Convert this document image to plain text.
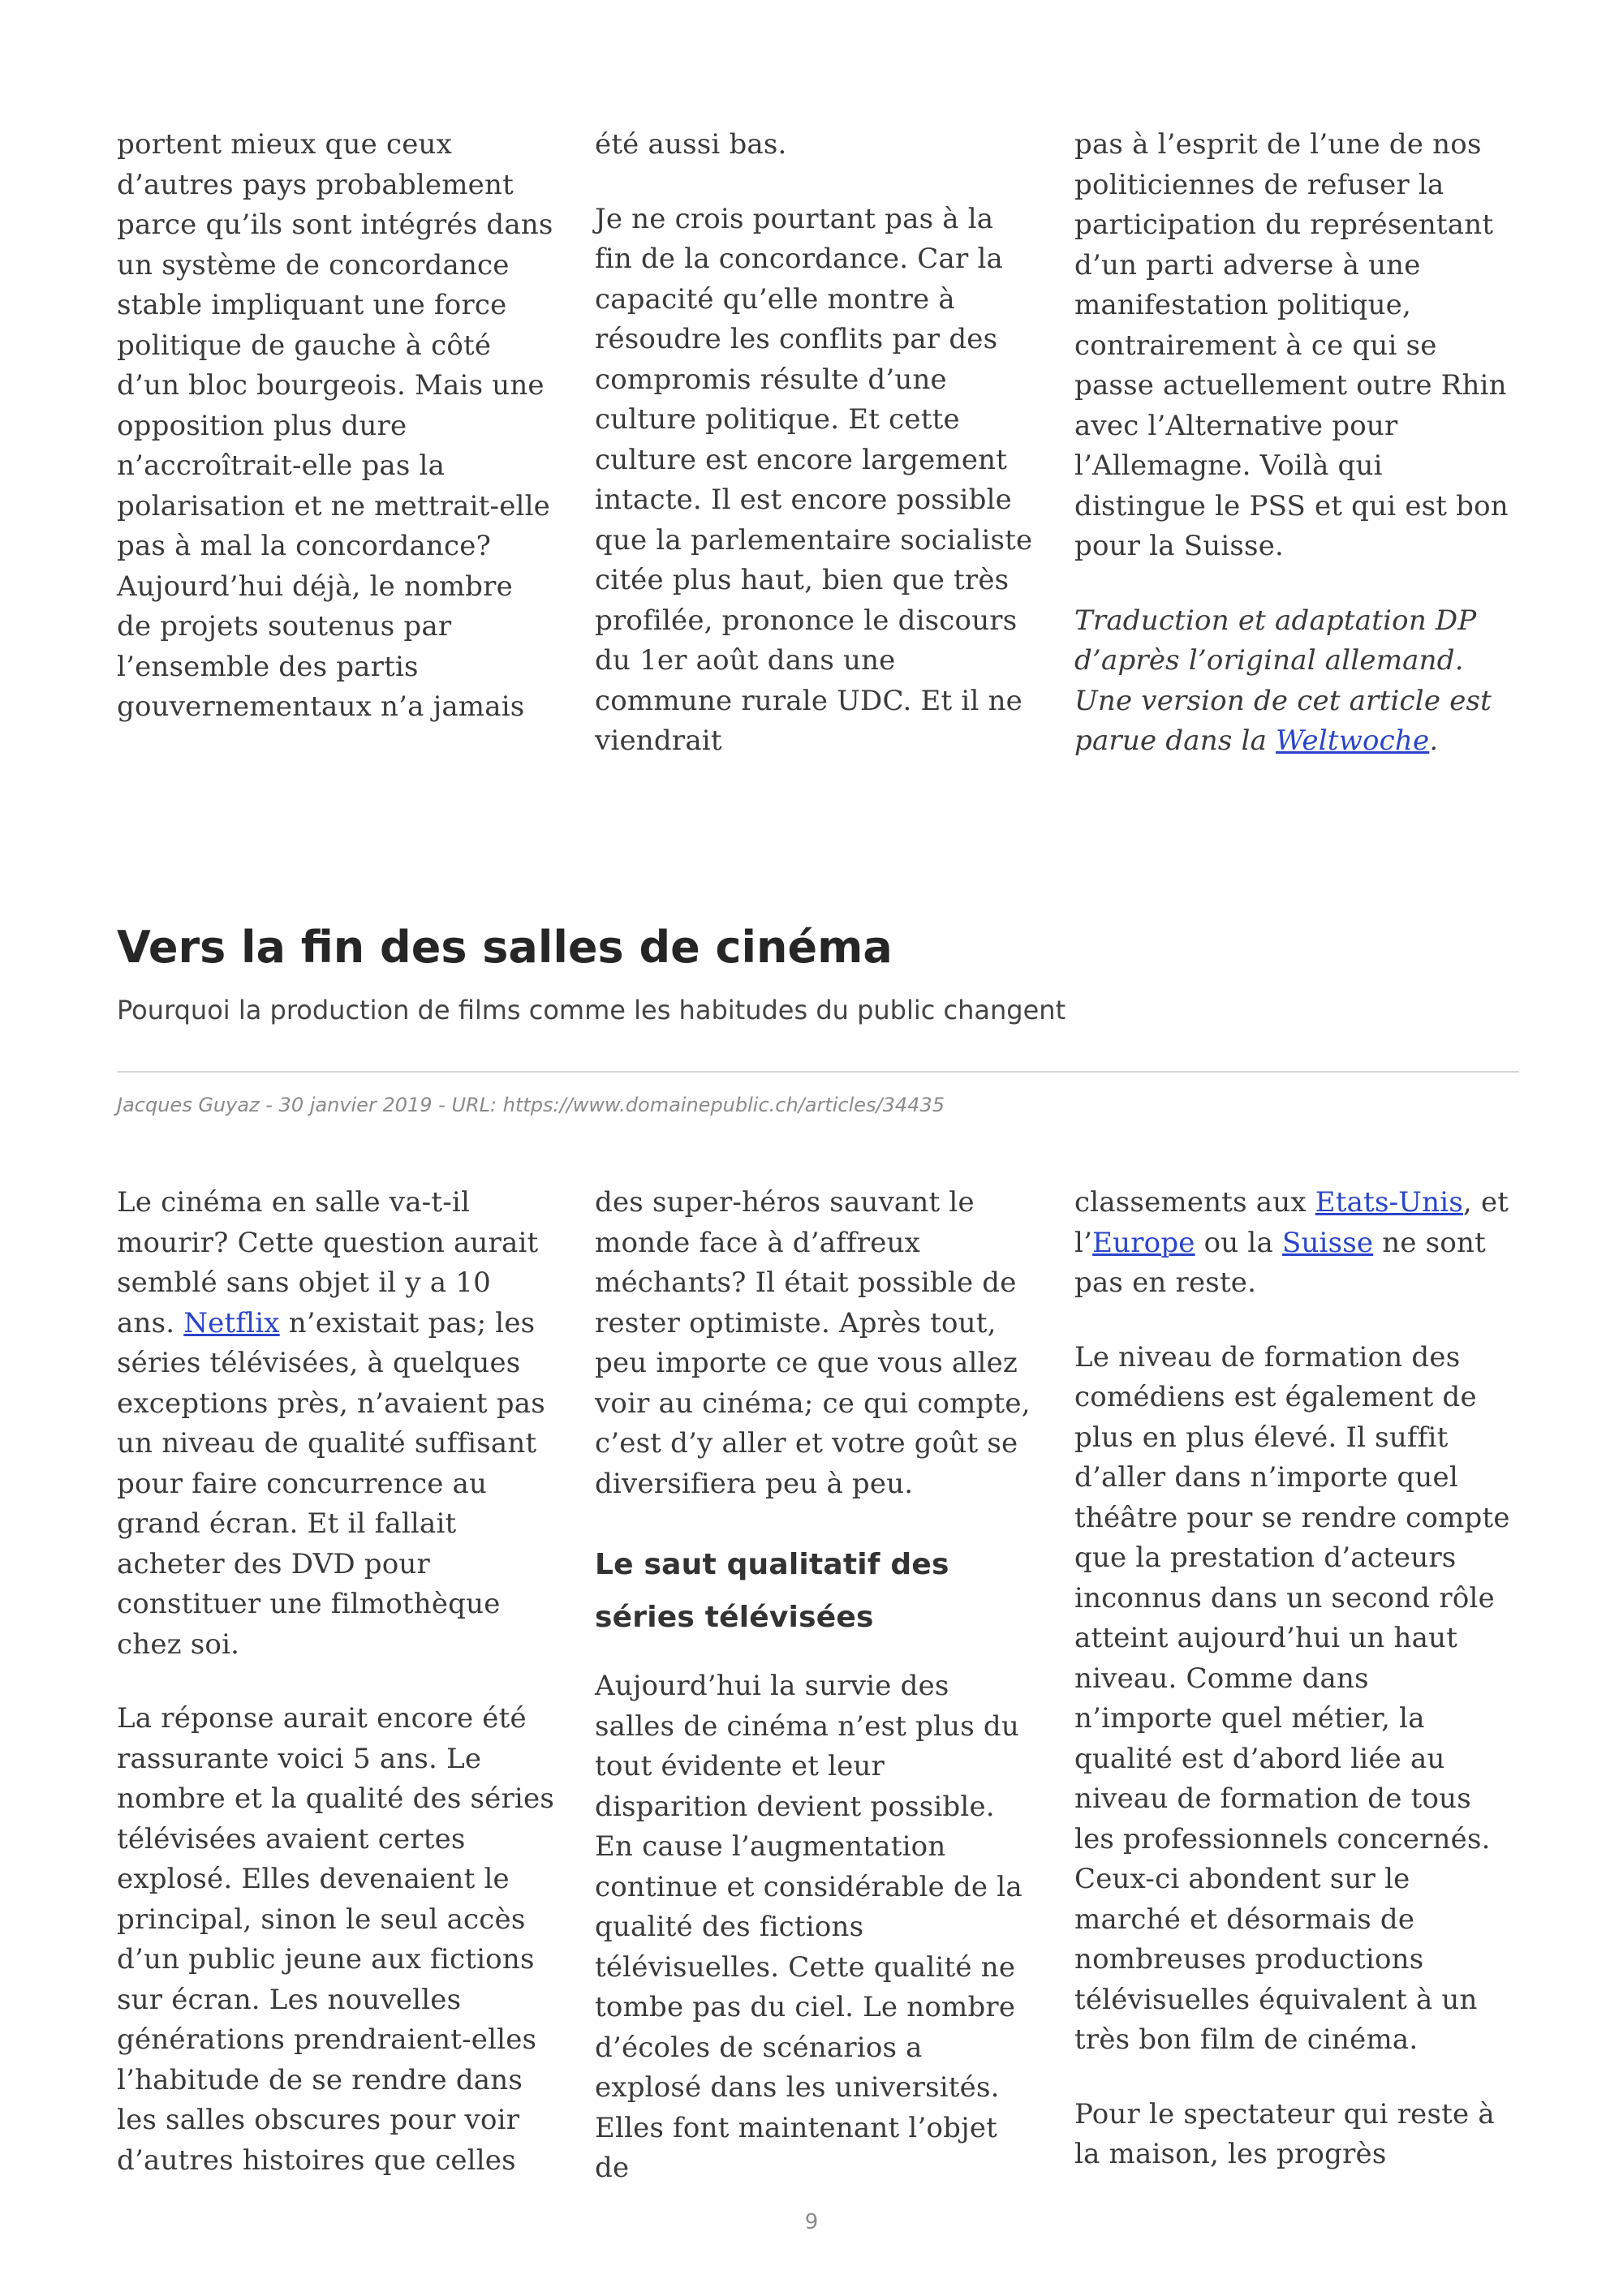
portent mieux que ceux d’autres pays probablement parce qu’ils sont intégrés dans un système de concordance stable impliquant une force politique de gauche à côté d’un bloc bourgeois. Mais une opposition plus dure n’accroîtrait-elle pas la polarisation et ne mettrait-elle pas à mal la concordance? Aujourd’hui déjà, le nombre de projets soutenus par l’ensemble des partis gouvernementaux n’a jamais

été aussi bas.

Je ne crois pourtant pas à la fin de la concordance. Car la capacité qu’elle montre à résoudre les conflits par des compromis résulte d’une culture politique. Et cette culture est encore largement intacte. Il est encore possible que la parlementaire socialiste citée plus haut, bien que très profilée, prononce le discours du 1er août dans une commune rurale UDC. Et il ne viendrait

pas à l’esprit de l’une de nos politiciennes de refuser la participation du représentant d’un parti adverse à une manifestation politique, contrairement à ce qui se passe actuellement outre Rhin avec l’Alternative pour l’Allemagne. Voilà qui distingue le PSS et qui est bon pour la Suisse.

Traduction et adaptation DP d’après l’original allemand. Une version de cet article est parue dans la Weltwoche.

Vers la fin des salles de cinéma
Pourquoi la production de films comme les habitudes du public changent
Jacques Guyaz - 30 janvier 2019 - URL: https://www.domainepublic.ch/articles/34435

Le cinéma en salle va-t-il mourir? Cette question aurait semblé sans objet il y a 10 ans. Netflix n’existait pas; les séries télévisées, à quelques exceptions près, n’avaient pas un niveau de qualité suffisant pour faire concurrence au grand écran. Et il fallait acheter des DVD pour constituer une filmothèque chez soi.

La réponse aurait encore été rassurante voici 5 ans. Le nombre et la qualité des séries télévisées avaient certes explosé. Elles devenaient le principal, sinon le seul accès d’un public jeune aux fictions sur écran. Les nouvelles générations prendraient-elles l’habitude de se rendre dans les salles obscures pour voir d’autres histoires que celles

des super-héros sauvant le monde face à d’affreux méchants? Il était possible de rester optimiste. Après tout, peu importe ce que vous allez voir au cinéma; ce qui compte, c’est d’y aller et votre goût se diversifiera peu à peu.

Le saut qualitatif des séries télévisées

Aujourd’hui la survie des salles de cinéma n’est plus du tout évidente et leur disparition devient possible. En cause l’augmentation continue et considérable de la qualité des fictions télévisuelles. Cette qualité ne tombe pas du ciel. Le nombre d’écoles de scénarios a explosé dans les universités. Elles font maintenant l’objet de

classements aux Etats-Unis, et l’Europe ou la Suisse ne sont pas en reste.

Le niveau de formation des comédiens est également de plus en plus élevé. Il suffit d’aller dans n’importe quel théâtre pour se rendre compte que la prestation d’acteurs inconnus dans un second rôle atteint aujourd’hui un haut niveau. Comme dans n’importe quel métier, la qualité est d’abord liée au niveau de formation de tous les professionnels concernés. Ceux-ci abondent sur le marché et désormais de nombreuses productions télévisuelles équivalent à un très bon film de cinéma.

Pour le spectateur qui reste à la maison, les progrès

9
